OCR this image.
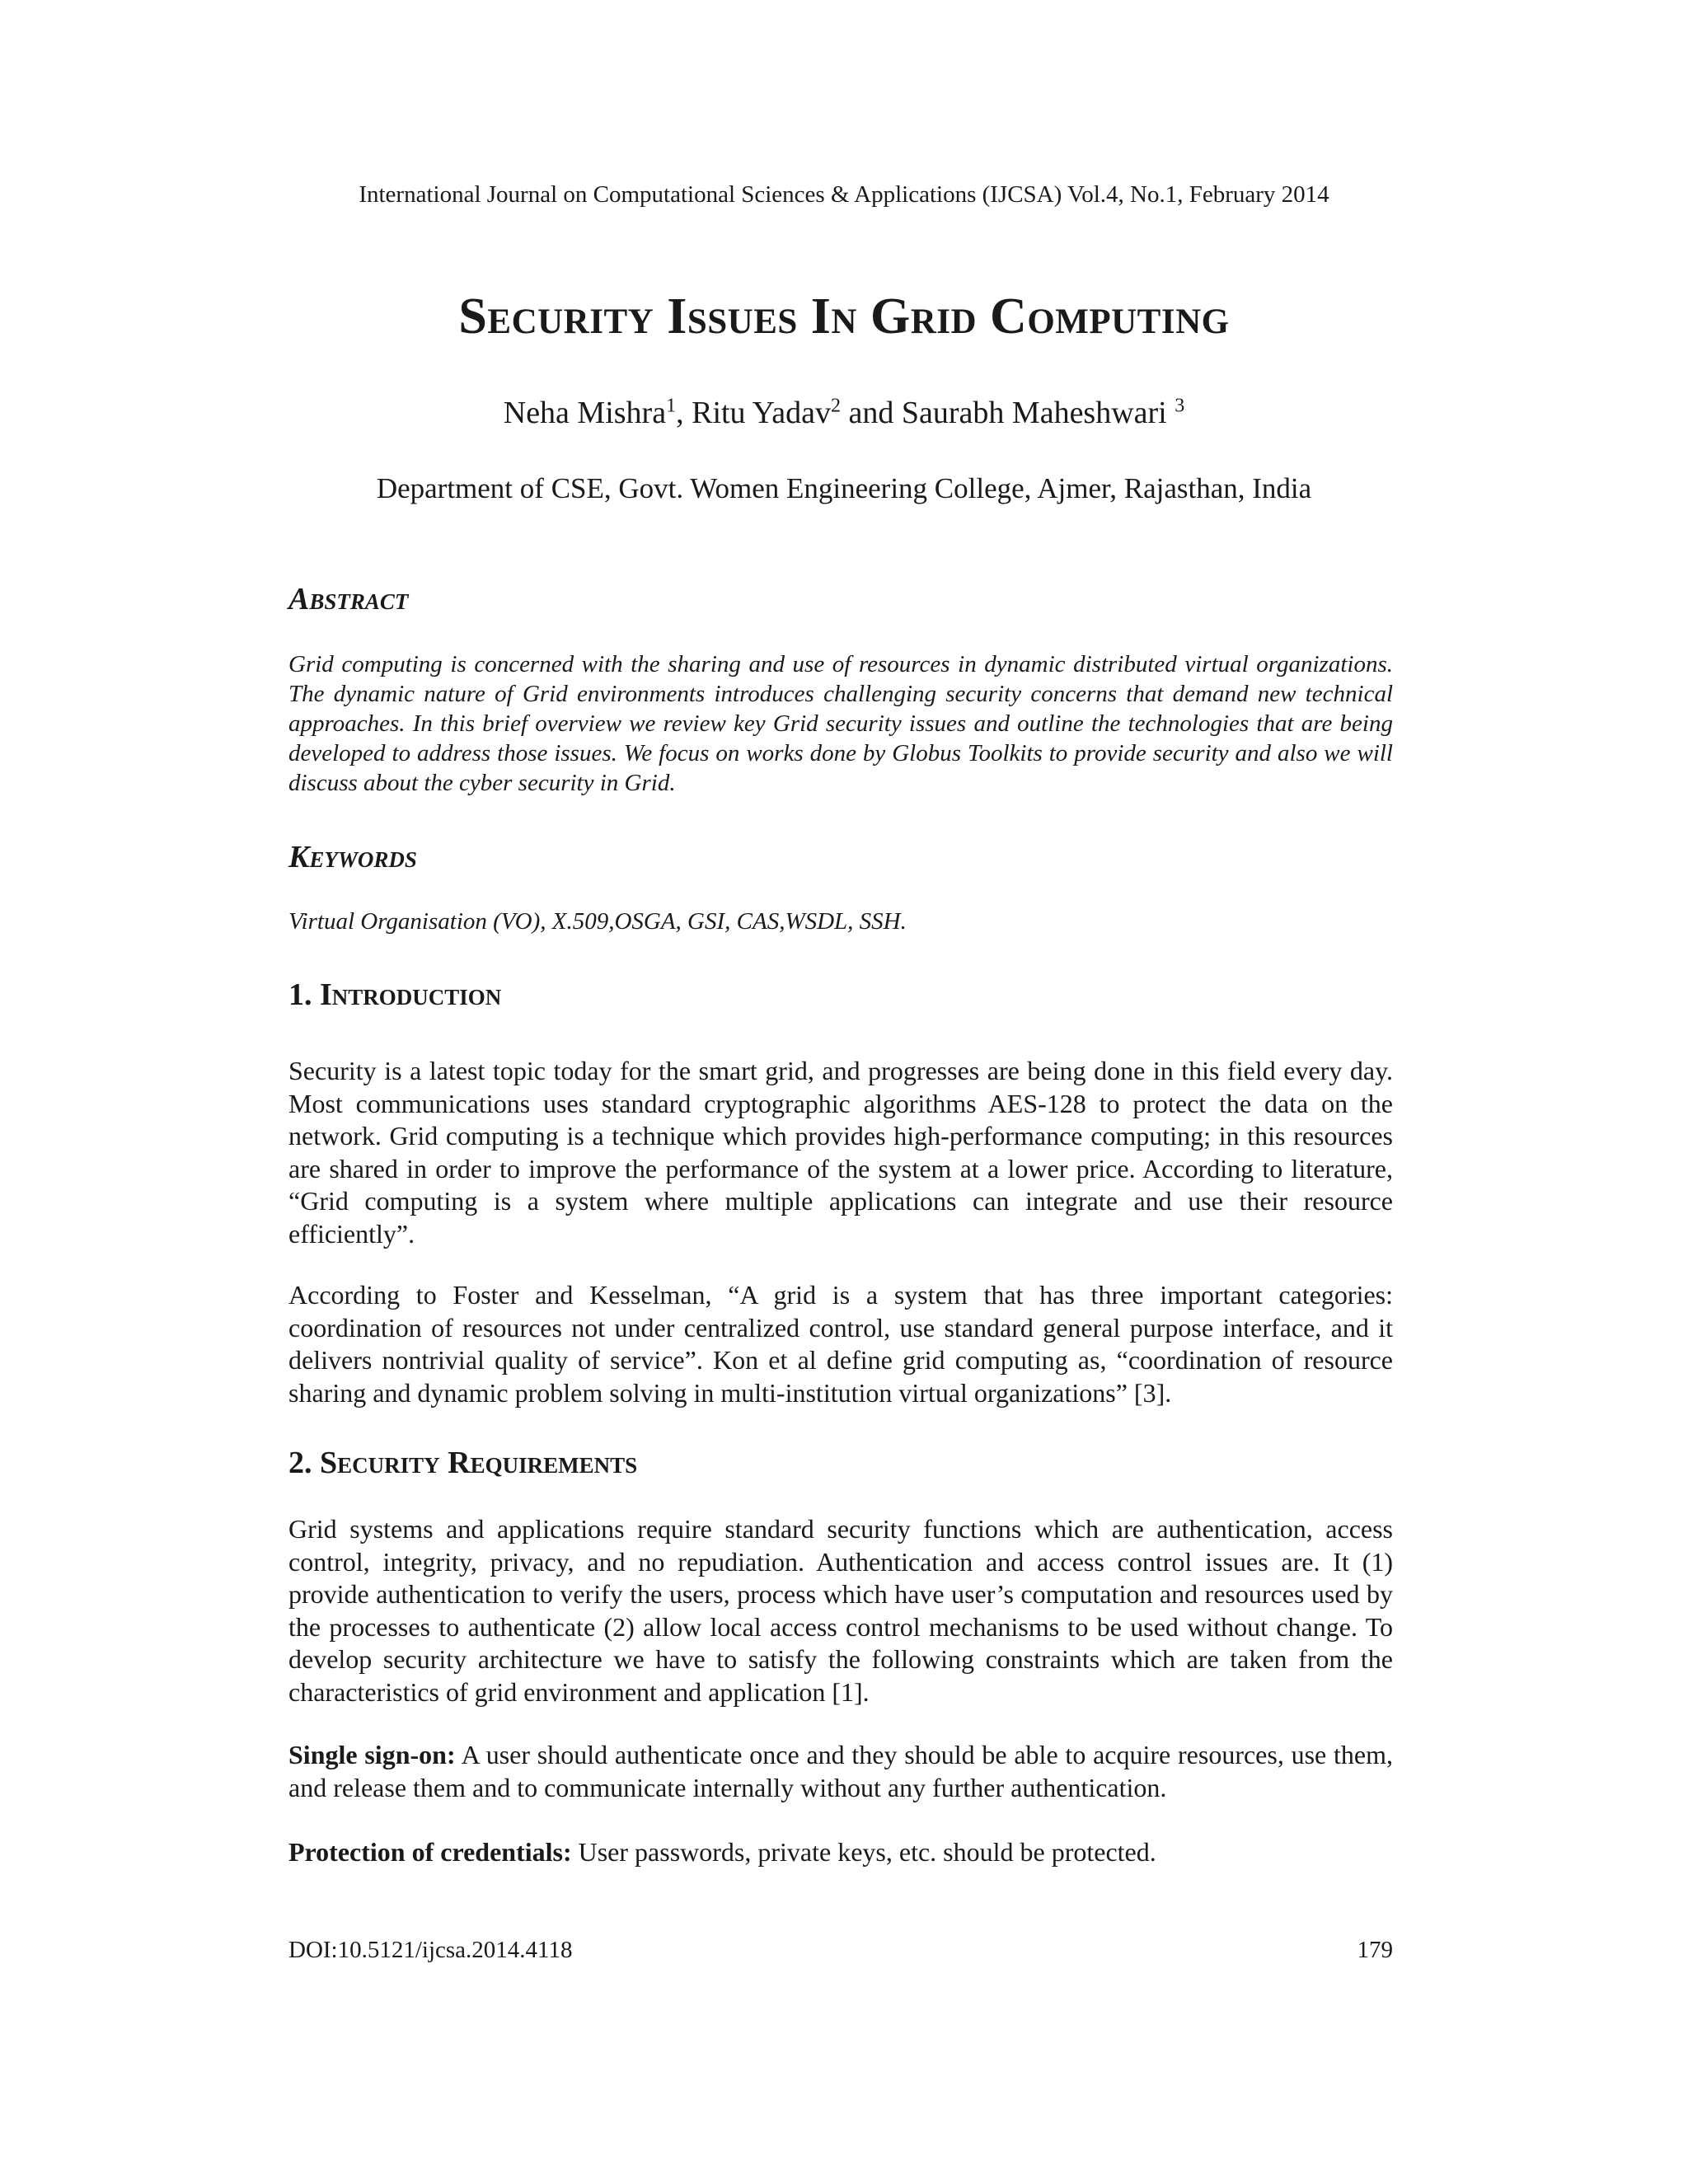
International Journal on Computational Sciences & Applications (IJCSA) Vol.4, No.1, February 2014
Security Issues In Grid Computing
Neha Mishra$^1$, Ritu Yadav$^2$ and Saurabh Maheshwari $^3$
Department of CSE, Govt. Women Engineering College, Ajmer, Rajasthan, India
Abstract
Grid computing is concerned with the sharing and use of resources in dynamic distributed virtual organizations. The dynamic nature of Grid environments introduces challenging security concerns that demand new technical approaches. In this brief overview we review key Grid security issues and outline the technologies that are being developed to address those issues. We focus on works done by Globus Toolkits to provide security and also we will discuss about the cyber security in Grid.
Keywords
Virtual Organisation (VO), X.509,OSGA, GSI, CAS,WSDL, SSH.
1. Introduction
Security is a latest topic today for the smart grid, and progresses are being done in this field every day. Most communications uses standard cryptographic algorithms AES-128 to protect the data on the network. Grid computing is a technique which provides high-performance computing; in this resources are shared in order to improve the performance of the system at a lower price. According to literature, “Grid computing is a system where multiple applications can integrate and use their resource efficiently”.
According to Foster and Kesselman, “A grid is a system that has three important categories: coordination of resources not under centralized control, use standard general purpose interface, and it delivers nontrivial quality of service”. Kon et al define grid computing as, “coordination of resource sharing and dynamic problem solving in multi-institution virtual organizations” [3].
2. Security Requirements
Grid systems and applications require standard security functions which are authentication, access control, integrity, privacy, and no repudiation. Authentication and access control issues are. It (1) provide authentication to verify the users, process which have user’s computation and resources used by the processes to authenticate (2) allow local access control mechanisms to be used without change. To develop security architecture we have to satisfy the following constraints which are taken from the characteristics of grid environment and application [1].
Single sign-on: A user should authenticate once and they should be able to acquire resources, use them, and release them and to communicate internally without any further authentication.
Protection of credentials: User passwords, private keys, etc. should be protected.
DOI:10.5121/ijcsa.2014.4118	179
